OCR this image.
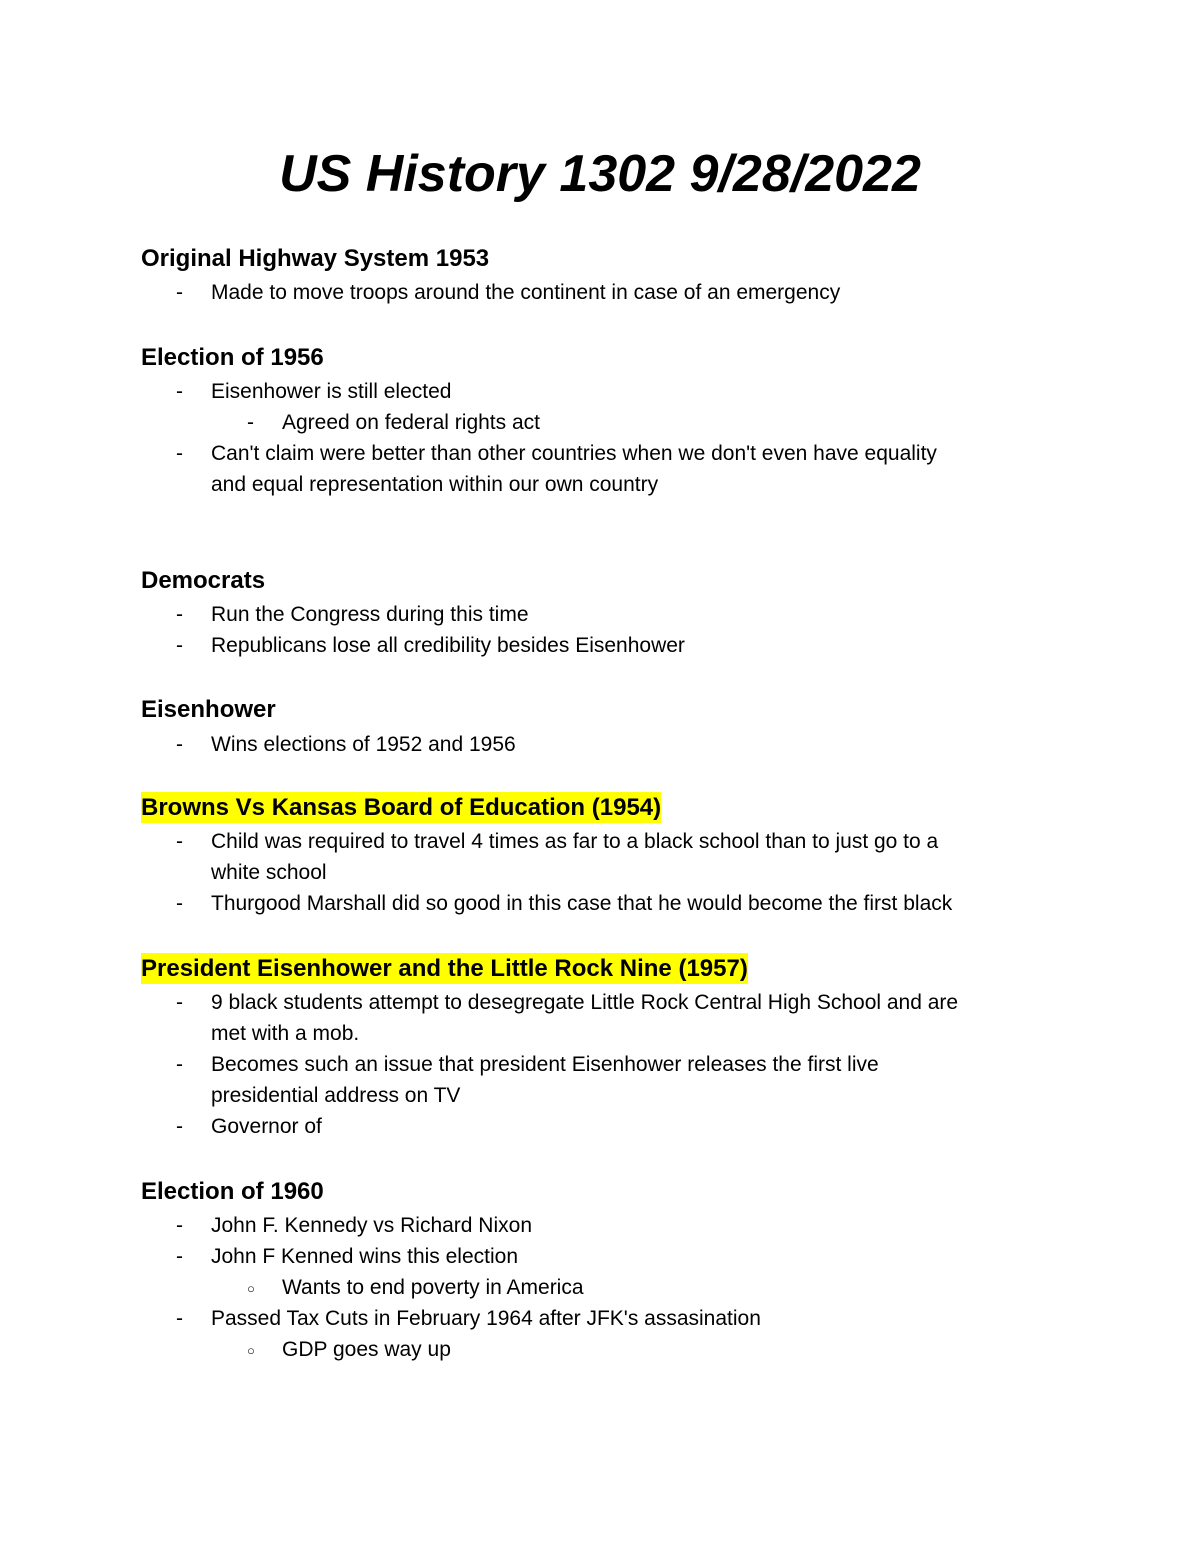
US History 1302 9/28/2022
Original Highway System 1953
- Made to move troops around the continent in case of an emergency
Election of 1956
- Eisenhower is still elected
- Agreed on federal rights act
- Can't claim were better than other countries when we don't even have equality
and equal representation within our own country
Democrats
- Run the Congress during this time
- Republicans lose all credibility besides Eisenhower
Eisenhower
- Wins elections of 1952 and 1956
Browns Vs Kansas Board of Education (1954)
- Child was required to travel 4 times as far to a black school than to just go to a
white school
- Thurgood Marshall did so good in this case that he would become the first black
President Eisenhower and the Little Rock Nine (1957)
- 9 black students attempt to desegregate Little Rock Central High School and are
met with a mob.
- Becomes such an issue that president Eisenhower releases the first live
presidential address on TV
- Governor of
Election of 1960
- John F. Kennedy vs Richard Nixon
- John F Kenned wins this election
○ Wants to end poverty in America
- Passed Tax Cuts in February 1964 after JFK's assasination
○ GDP goes way up
